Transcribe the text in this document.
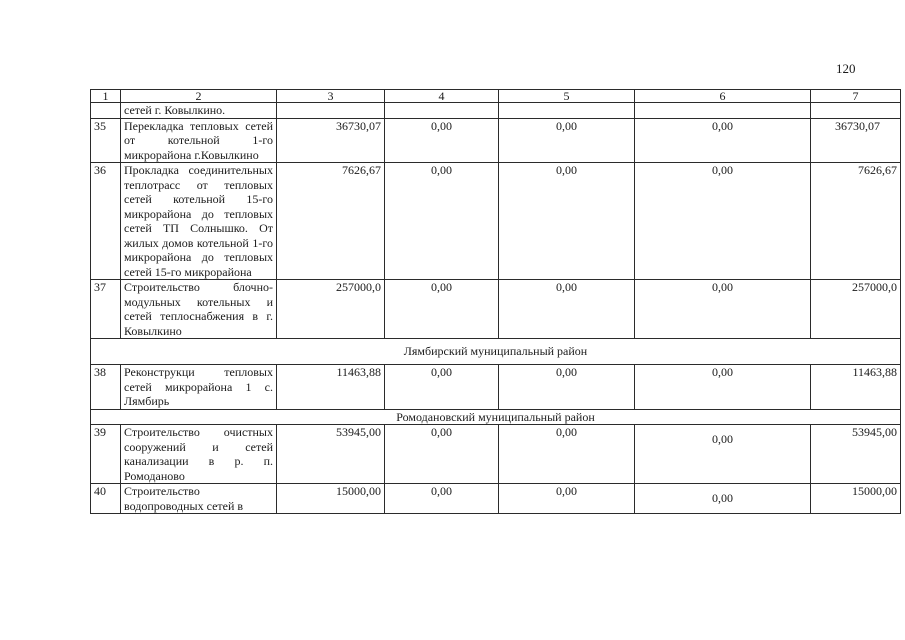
120
1	2	3	4	5	6	7
	сетей г. Ковылкино.					
35	Перекладка тепловых сетей от котельной 1-го микрорайона г.Ковылкино	36730,07	0,00	0,00	0,00	36730,07
36	Прокладка соединительных теплотрасс от тепловых сетей котельной 15-го микрорайона до тепловых сетей ТП Солнышко. От жилых домов котельной 1-го микрорайона до тепловых сетей 15-го микрорайона	7626,67	0,00	0,00	0,00	7626,67
37	Строительство блочно-модульных котельных и сетей теплоснабжения в г. Ковылкино	257000,0	0,00	0,00	0,00	257000,0
Лямбирский муниципальный район						
38	Реконструкци тепловых сетей микрорайона 1 с. Лямбирь	11463,88	0,00	0,00	0,00	11463,88
Ромодановский муниципальный район						
39	Строительство очистных сооружений и сетей канализации в р. п. Ромоданово	53945,00	0,00	0,00	0,00	53945,00
40	Строительство водопроводных сетей в	15000,00	0,00	0,00	0,00	15000,00
